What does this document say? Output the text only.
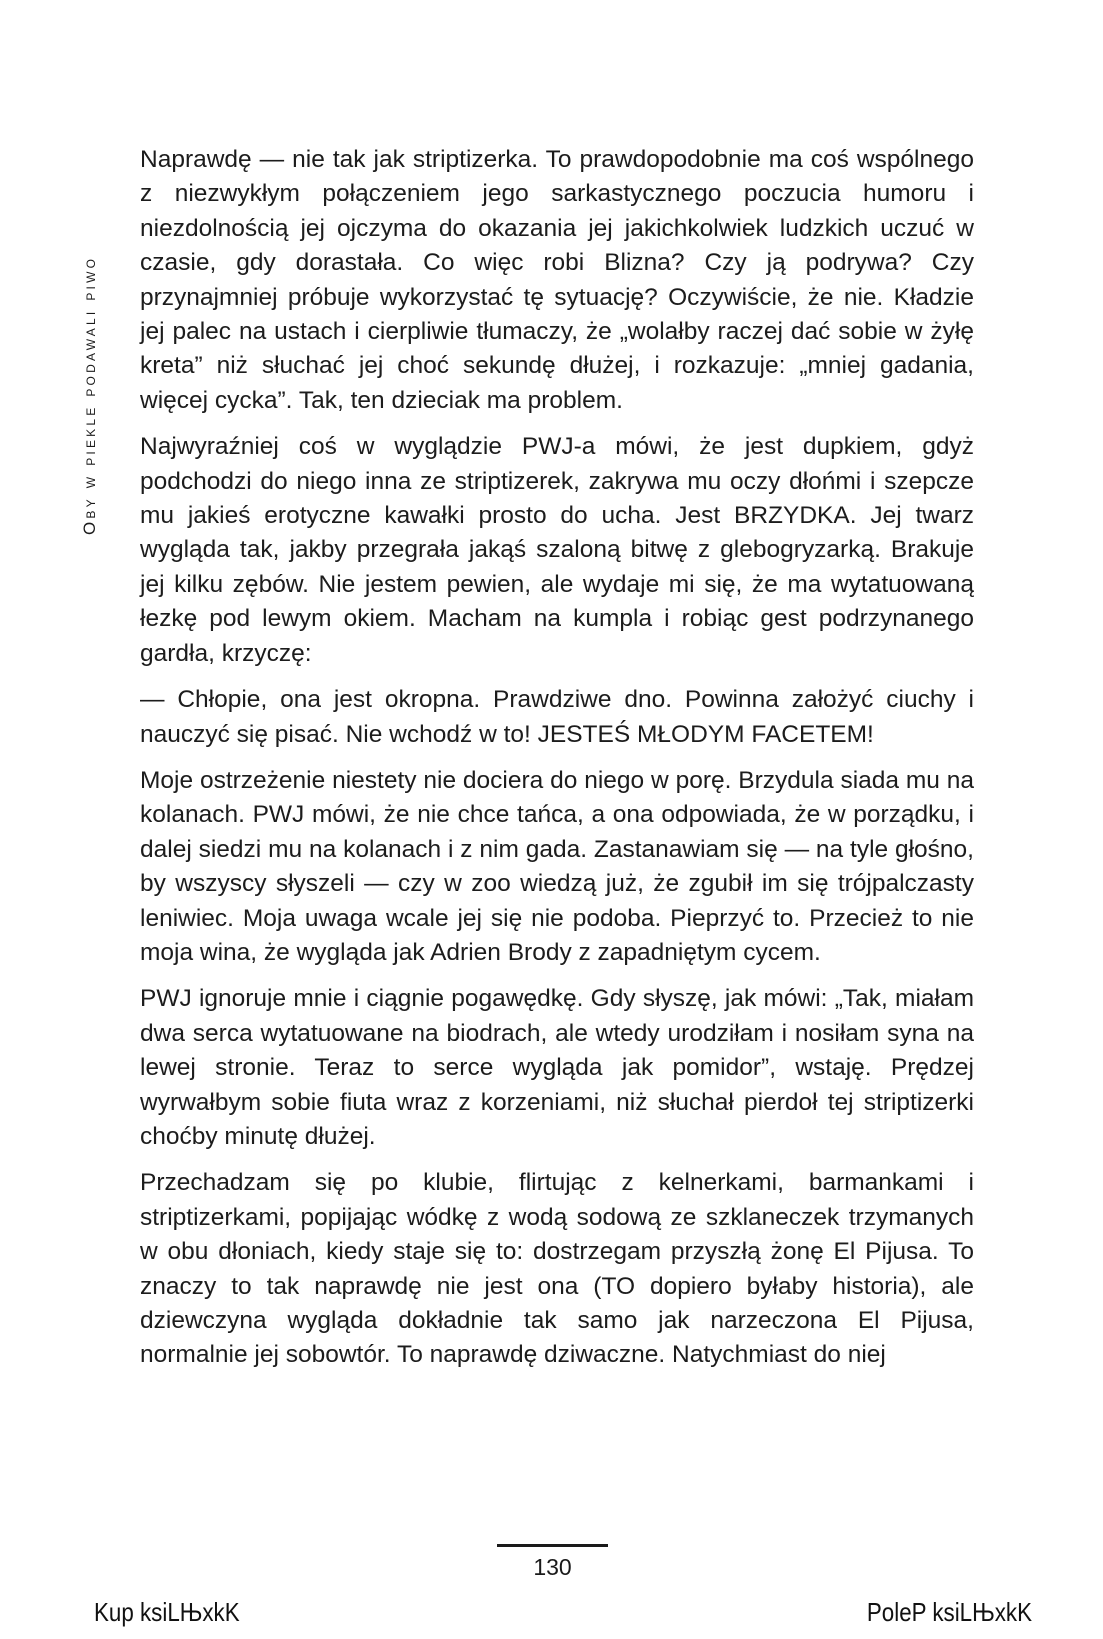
Oby w piekle podawali piwo

Naprawdę — nie tak jak striptizerka. To prawdopodobnie ma coś wspólnego z niezwykłym połączeniem jego sarkastycznego poczucia humoru i niezdolnością jej ojczyma do okazania jej jakichkolwiek ludzkich uczuć w czasie, gdy dorastała. Co więc robi Blizna? Czy ją podrywa? Czy przynajmniej próbuje wykorzystać tę sytuację? Oczywiście, że nie. Kładzie jej palec na ustach i cierpliwie tłumaczy, że „wolałby raczej dać sobie w żyłę kreta” niż słuchać jej choć sekundę dłużej, i rozkazuje: „mniej gadania, więcej cycka”. Tak, ten dzieciak ma problem.

Najwyraźniej coś w wyglądzie PWJ-a mówi, że jest dupkiem, gdyż podchodzi do niego inna ze striptizerek, zakrywa mu oczy dłońmi i szepcze mu jakieś erotyczne kawałki prosto do ucha. Jest BRZYDKA. Jej twarz wygląda tak, jakby przegrała jakąś szaloną bitwę z glebogryzarką. Brakuje jej kilku zębów. Nie jestem pewien, ale wydaje mi się, że ma wytatuowaną łezkę pod lewym okiem. Macham na kumpla i robiąc gest podrzynanego gardła, krzyczę:

— Chłopie, ona jest okropna. Prawdziwe dno. Powinna założyć ciuchy i nauczyć się pisać. Nie wchodź w to! JESTEŚ MŁODYM FACETEM!

Moje ostrzeżenie niestety nie dociera do niego w porę. Brzydula siada mu na kolanach. PWJ mówi, że nie chce tańca, a ona odpowiada, że w porządku, i dalej siedzi mu na kolanach i z nim gada. Zastanawiam się — na tyle głośno, by wszyscy słyszeli — czy w zoo wiedzą już, że zgubił im się trójpalczasty leniwiec. Moja uwaga wcale jej się nie podoba. Pieprzyć to. Przecież to nie moja wina, że wygląda jak Adrien Brody z zapadniętym cycem.

PWJ ignoruje mnie i ciągnie pogawędkę. Gdy słyszę, jak mówi: „Tak, miałam dwa serca wytatuowane na biodrach, ale wtedy urodziłam i nosiłam syna na lewej stronie. Teraz to serce wygląda jak pomidor”, wstaję. Prędzej wyrwałbym sobie fiuta wraz z korzeniami, niż słuchał pierdoł tej striptizerki choćby minutę dłużej.

Przechadzam się po klubie, flirtując z kelnerkami, barmankami i striptizerkami, popijając wódkę z wodą sodową ze szklaneczek trzymanych w obu dłoniach, kiedy staje się to: dostrzegam przyszłą żonę El Pijusa. To znaczy to tak naprawdę nie jest ona (TO dopiero byłaby historia), ale dziewczyna wygląda dokładnie tak samo jak narzeczona El Pijusa, normalnie jej sobowtór. To naprawdę dziwaczne. Natychmiast do niej

130
Kup ksiLЊxkK	PoleP ksiLЊxkK
